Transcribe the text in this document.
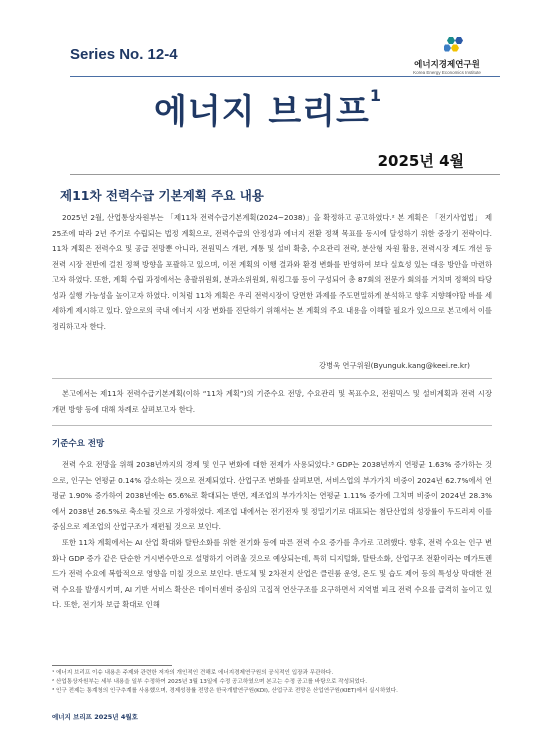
Series No. 12-4
에너지경제연구원
Korea Energy Economics Institute
에너지 브리프$^1$
2025년 4월
제11차 전력수급 기본계획 주요 내용
2025년 2월, 산업통상자원부는 「제11차 전력수급기본계획(2024~2038)」을 확정하고 공고하였다.² 본 계획은 「전기사업법」 제25조에 따라 2년 주기로 수립되는 법정 계획으로, 전력수급의 안정성과 에너지 전환 정책 목표를 동시에 달성하기 위한 중장기 전략이다. 11차 계획은 전력수요 및 공급 전망뿐 아니라, 전원믹스 개편, 계통 및 설비 확충, 수요관리 전략, 분산형 자원 활용, 전력시장 제도 개선 등 전력 시장 전반에 걸친 정책 방향을 포괄하고 있으며, 이전 계획의 이행 결과와 환경 변화를 반영하여 보다 실효성 있는 대응 방안을 마련하고자 하였다. 또한, 계획 수립 과정에서는 총괄위원회, 분과소위원회, 워킹그룹 등이 구성되어 총 87회의 전문가 회의를 거치며 정책의 타당성과 실행 가능성을 높이고자 하였다. 이처럼 11차 계획은 우리 전력시장이 당면한 과제를 주도면밀하게 분석하고 향후 지향해야할 바를 세세하게 제시하고 있다. 앞으로의 국내 에너지 시장 변화를 진단하기 위해서는 본 계획의 주요 내용을 이해할 필요가 있으므로 본고에서 이를 정리하고자 한다.
강병욱 연구위원(Byunguk.kang@keei.re.kr)
본고에서는 제11차 전력수급기본계획(이하 “11차 계획”)의 기준수요 전망, 수요관리 및 목표수요, 전원믹스 및 설비계획과 전력 시장 개편 방향 등에 대해 차례로 살펴보고자 한다.
기준수요 전망
전력 수요 전망을 위해 2038년까지의 경제 및 인구 변화에 대한 전제가 사용되었다.³ GDP는 2038년까지 연평균 1.63% 증가하는 것으로, 인구는 연평균 0.14% 감소하는 것으로 전제되었다. 산업구조 변화를 살펴보면, 서비스업의 부가가치 비중이 2024년 62.7%에서 연평균 1.90% 증가하여 2038년에는 65.6%로 확대되는 반면, 제조업의 부가가치는 연평균 1.11% 증가에 그치며 비중이 2024년 28.3%에서 2038년 26.5%로 축소될 것으로 가정하였다. 제조업 내에서는 전기전자 및 정밀기기로 대표되는 첨단산업의 성장률이 두드러져 이를 중심으로 제조업의 산업구조가 재편될 것으로 보인다.
또한 11차 계획에서는 AI 산업 확대와 탈탄소화를 위한 전기화 등에 따른 전력 수요 증가를 추가로 고려했다. 향후, 전력 수요는 인구 변화나 GDP 증가 같은 단순한 거시변수만으로 설명하기 어려울 것으로 예상되는데, 특히 디지털화, 탈탄소화, 산업구조 전환이라는 메가트렌드가 전력 수요에 복합적으로 영향을 미칠 것으로 보인다. 반도체 및 2차전지 산업은 클린룸 운영, 온도 및 습도 제어 등의 특성상 막대한 전력 수요를 발생시키며, AI 기반 서비스 확산은 데이터센터 중심의 고집적 연산구조를 요구하면서 지역별 피크 전력 수요를 급격히 높이고 있다. 또한, 전기차 보급 확대로 인해
¹ 에너지 브리프 이슈 내용은 주제와 관련한 저자의 개인적인 견해로 에너지경제연구원의 공식적인 입장과 무관하다.
² 산업통상자원부는 세부 내용을 일부 수정하여 2025년 3월 13일에 수정 공고하였으며 본고는 수정 공고를 바탕으로 작성되었다.
³ 인구 전제는 통계청의 인구추계를 사용했으며, 경제성장률 전망은 한국개발연구원(KDI), 산업구조 전망은 산업연구원(KIET)에서 실시하였다.
에너지 브리프 2025년 4월호
